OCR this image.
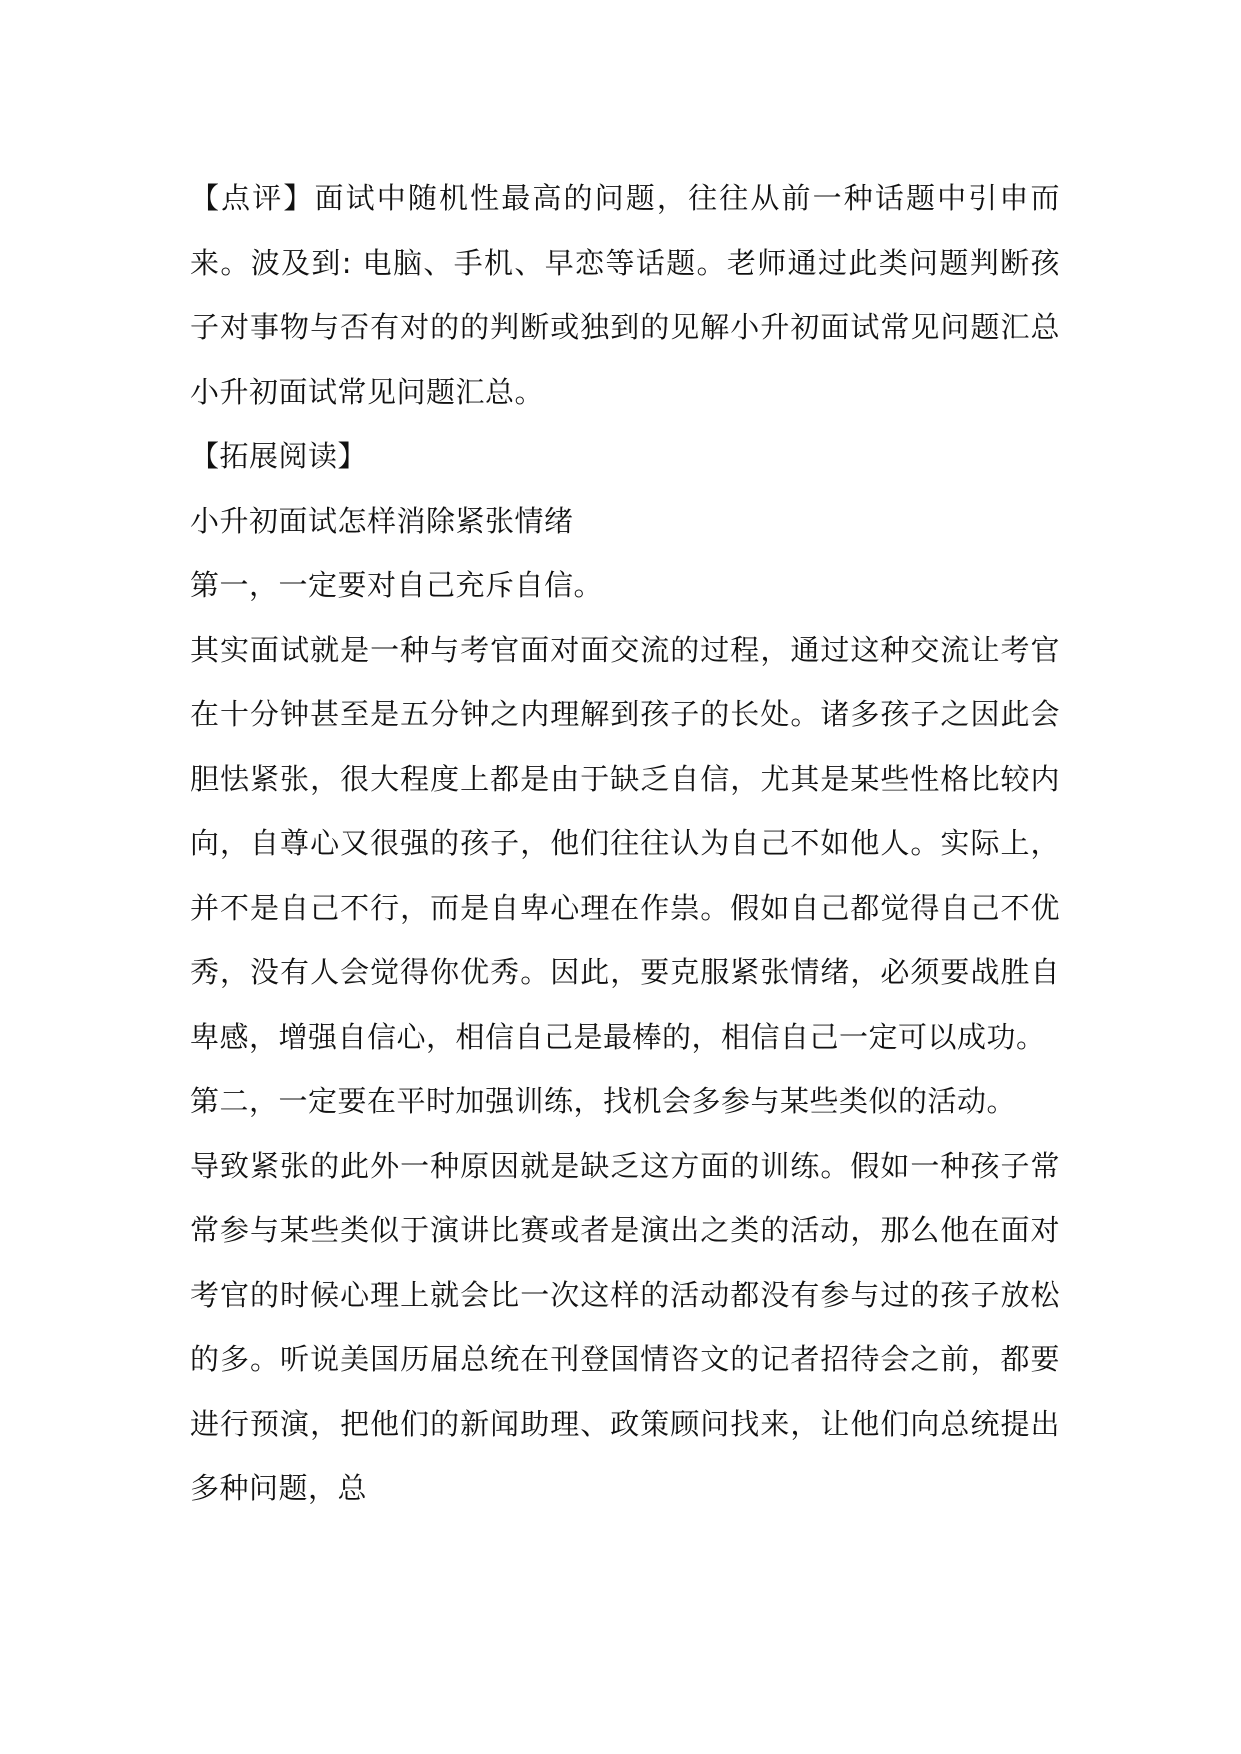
【点评】面试中随机性最高的问题，往往从前一种话题中引申而来。波及到: 电脑、手机、早恋等话题。老师通过此类问题判断孩子对事物与否有对的的判断或独到的见解小升初面试常见问题汇总小升初面试常见问题汇总。

【拓展阅读】

小升初面试怎样消除紧张情绪

第一，一定要对自己充斥自信。

其实面试就是一种与考官面对面交流的过程，通过这种交流让考官在十分钟甚至是五分钟之内理解到孩子的长处。诸多孩子之因此会胆怯紧张，很大程度上都是由于缺乏自信，尤其是某些性格比较内向，自尊心又很强的孩子，他们往往认为自己不如他人。实际上，并不是自己不行，而是自卑心理在作祟。假如自己都觉得自己不优秀，没有人会觉得你优秀。因此，要克服紧张情绪，必须要战胜自卑感，增强自信心，相信自己是最棒的，相信自己一定可以成功。

第二，一定要在平时加强训练，找机会多参与某些类似的活动。

导致紧张的此外一种原因就是缺乏这方面的训练。假如一种孩子常常参与某些类似于演讲比赛或者是演出之类的活动，那么他在面对考官的时候心理上就会比一次这样的活动都没有参与过的孩子放松的多。听说美国历届总统在刊登国情咨文的记者招待会之前，都要进行预演，把他们的新闻助理、政策顾问找来，让他们向总统提出多种问题，总
